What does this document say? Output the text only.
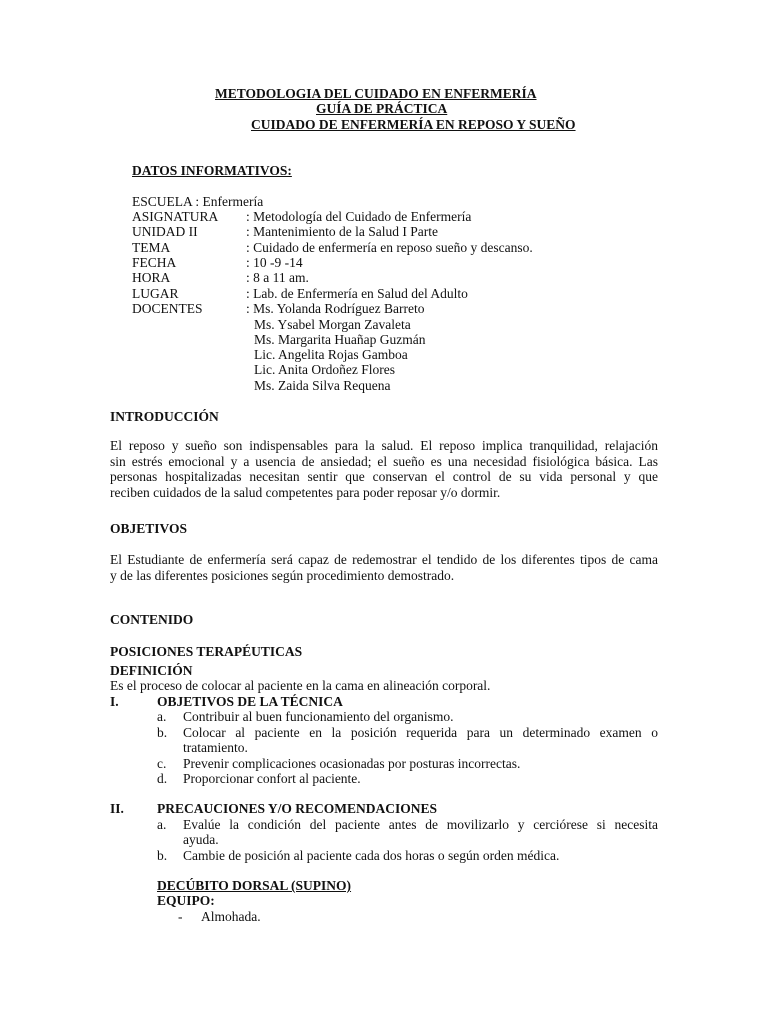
METODOLOGIA DEL CUIDADO EN ENFERMERÍA
GUÍA DE PRÁCTICA
CUIDADO DE ENFERMERÍA EN REPOSO Y SUEÑO
DATOS INFORMATIVOS:
ESCUELA : Enfermería
ASIGNATURA : Metodología del Cuidado de Enfermería
UNIDAD II	: Mantenimiento de la Salud I Parte
TEMA	: Cuidado de enfermería en reposo sueño y descanso.
FECHA	: 10 -9 -14
HORA	: 8 a 11 am.
LUGAR	: Lab. de Enfermería en Salud del Adulto
DOCENTES	: Ms. Yolanda Rodríguez Barreto
Ms. Ysabel Morgan Zavaleta
Ms. Margarita Huañap Guzmán
Lic. Angelita Rojas Gamboa
Lic. Anita Ordoñez Flores
Ms. Zaida Silva Requena
INTRODUCCIÓN
El reposo y sueño son indispensables para la salud. El reposo implica tranquilidad, relajación
sin estrés emocional y a usencia de ansiedad; el sueño es una necesidad fisiológica básica. Las
personas hospitalizadas necesitan sentir que conservan el control de su vida personal y que
reciben cuidados de la salud competentes para poder reposar y/o dormir.
OBJETIVOS
El Estudiante de enfermería será capaz de redemostrar el tendido de los diferentes tipos de cama
y de las diferentes posiciones según procedimiento demostrado.
CONTENIDO
POSICIONES TERAPÉUTICAS
DEFINICIÓN
Es el proceso de colocar al paciente en la cama en alineación corporal.
I.	OBJETIVOS DE LA TÉCNICA
a. Contribuir al buen funcionamiento del organismo.
b. Colocar al paciente en la posición requerida para un determinado examen o
tratamiento.
c. Prevenir complicaciones ocasionadas por posturas incorrectas.
d. Proporcionar confort al paciente.
II. PRECAUCIONES Y/O RECOMENDACIONES
a. Evalúe la condición del paciente antes de movilizarlo y cerciórese si necesita
ayuda.
b. Cambie de posición al paciente cada dos horas o según orden médica.
DECÚBITO DORSAL (SUPINO)
EQUIPO:
- Almohada.
